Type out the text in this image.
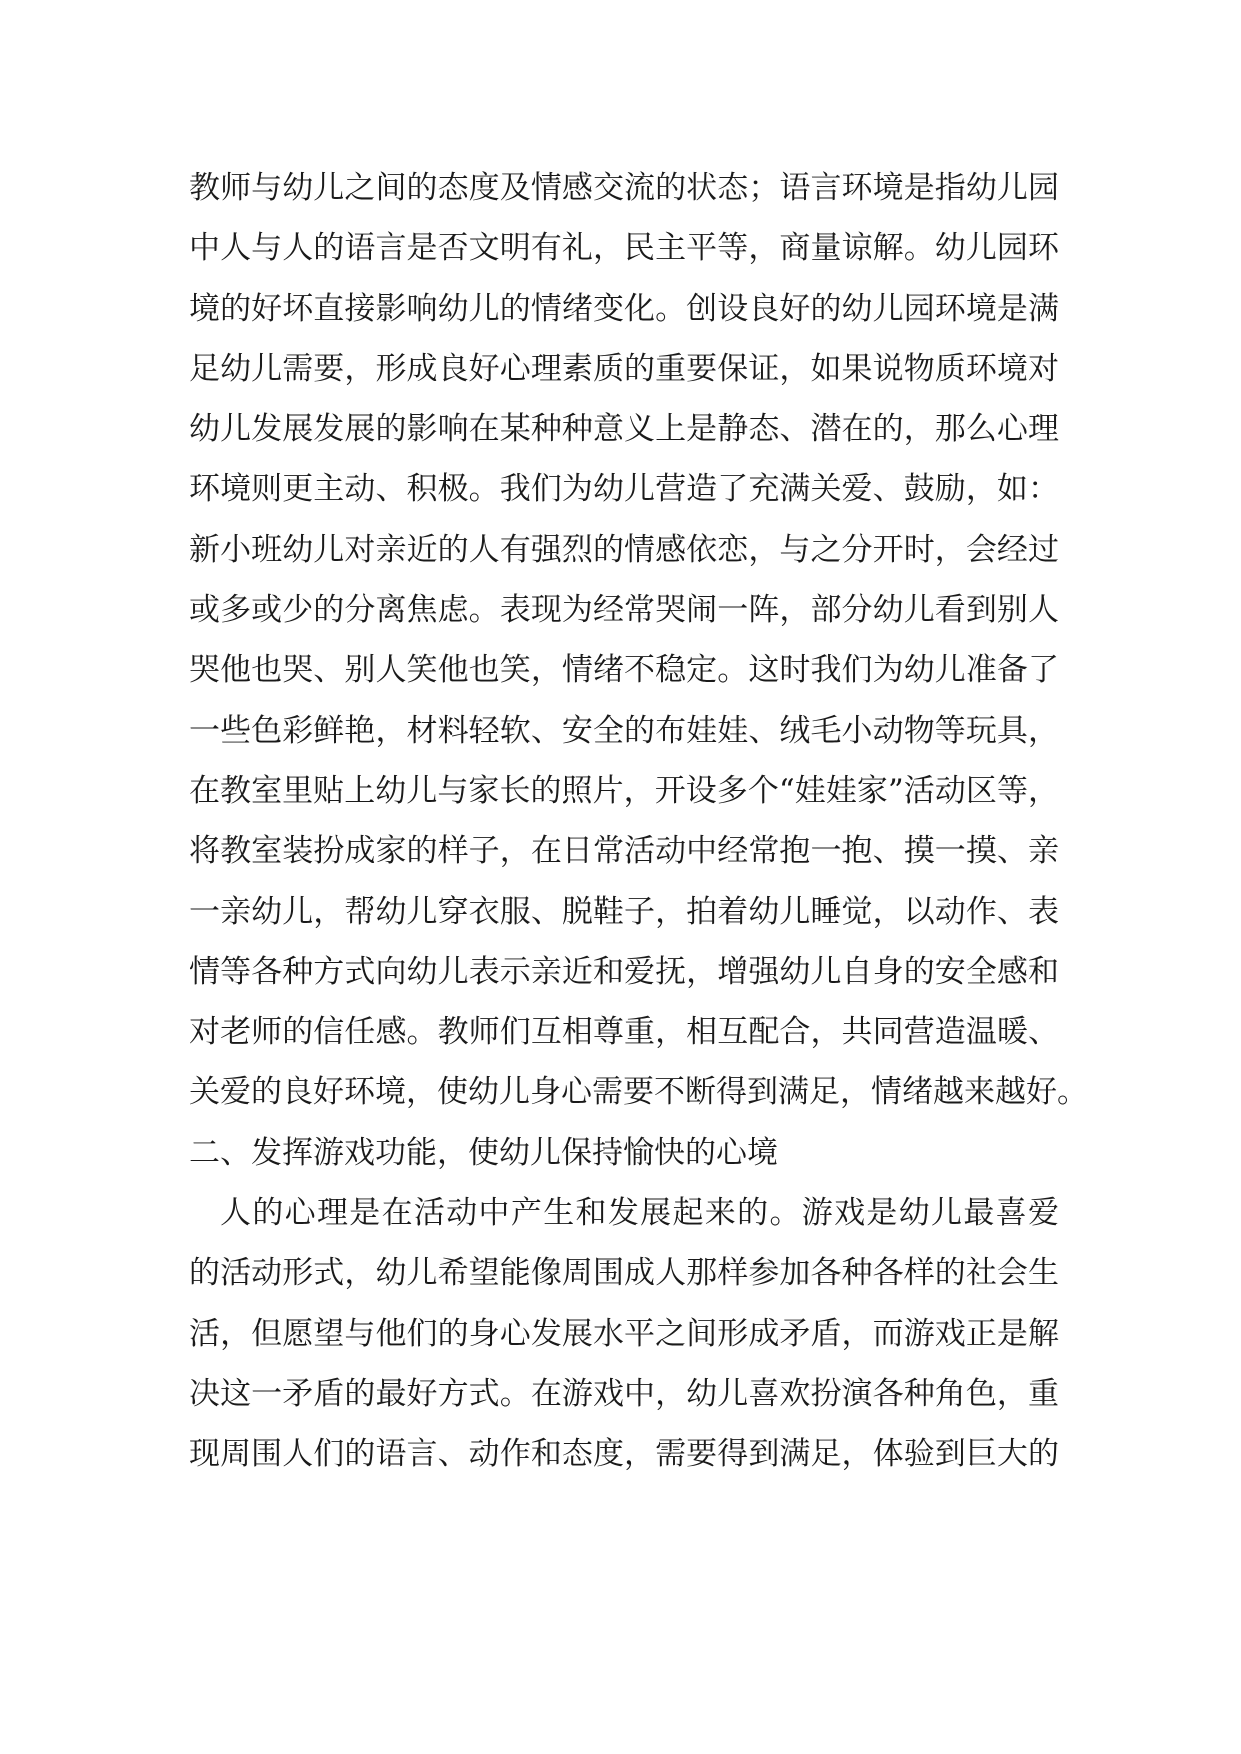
教师与幼儿之间的态度及情感交流的状态；语言环境是指幼儿园
中人与人的语言是否文明有礼，民主平等，商量谅解。幼儿园环
境的好坏直接影响幼儿的情绪变化。创设良好的幼儿园环境是满
足幼儿需要，形成良好心理素质的重要保证，如果说物质环境对
幼儿发展发展的影响在某种种意义上是静态、潜在的，那么心理
环境则更主动、积极。我们为幼儿营造了充满关爱、鼓励，如：
新小班幼儿对亲近的人有强烈的情感依恋，与之分开时，会经过
或多或少的分离焦虑。表现为经常哭闹一阵，部分幼儿看到别人
哭他也哭、别人笑他也笑，情绪不稳定。这时我们为幼儿准备了
一些色彩鲜艳，材料轻软、安全的布娃娃、绒毛小动物等玩具，
在教室里贴上幼儿与家长的照片，开设多个“娃娃家”活动区等，
将教室装扮成家的样子，在日常活动中经常抱一抱、摸一摸、亲
一亲幼儿，帮幼儿穿衣服、脱鞋子，拍着幼儿睡觉，以动作、表
情等各种方式向幼儿表示亲近和爱抚，增强幼儿自身的安全感和
对老师的信任感。教师们互相尊重，相互配合，共同营造温暖、
关爱的良好环境，使幼儿身心需要不断得到满足，情绪越来越好。
二、发挥游戏功能，使幼儿保持愉快的心境
人的心理是在活动中产生和发展起来的。游戏是幼儿最喜爱
的活动形式，幼儿希望能像周围成人那样参加各种各样的社会生
活，但愿望与他们的身心发展水平之间形成矛盾，而游戏正是解
决这一矛盾的最好方式。在游戏中，幼儿喜欢扮演各种角色，重
现周围人们的语言、动作和态度，需要得到满足，体验到巨大的
